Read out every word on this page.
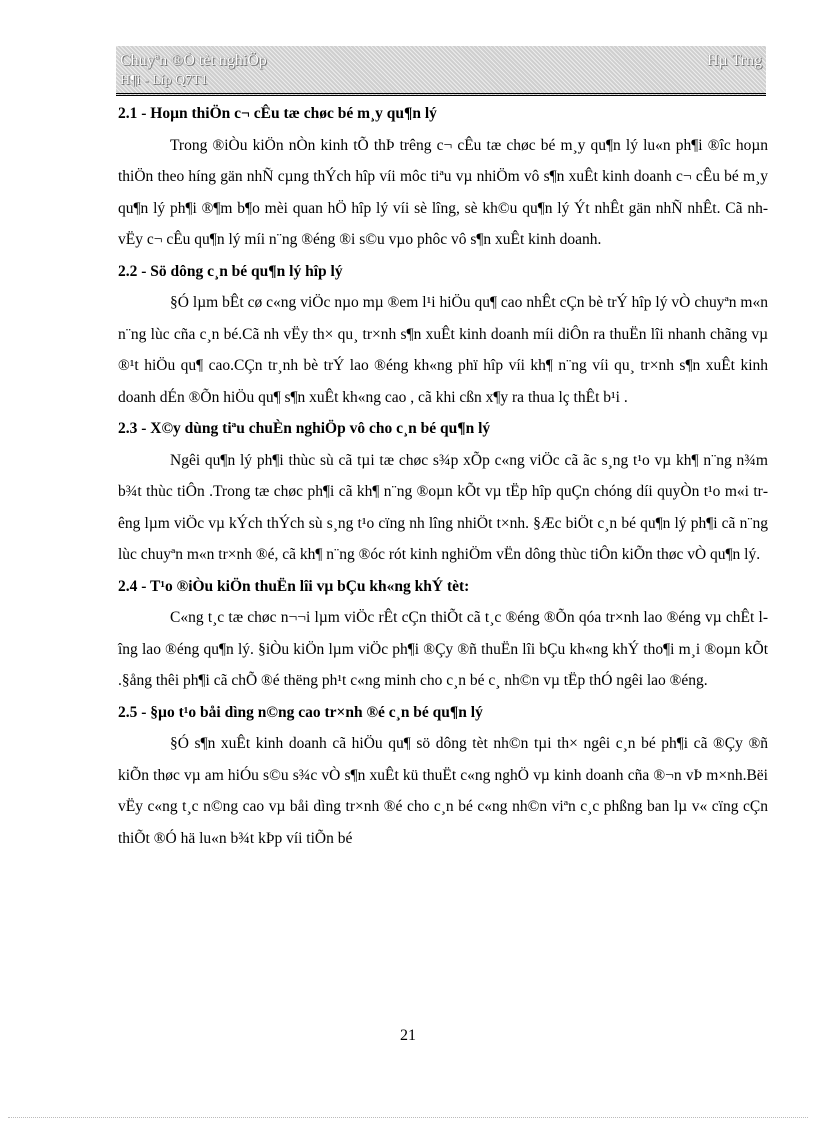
Chuyªn ®Ò tèt nghiÖp	Hµ Trng
H¶i - Líp Q7T1

2.1 - Hoµn thiÖn c¬ cÊu tæ chøc bé m¸y qu¶n lý

Trong ®iÒu kiÖn nÒn kinh tÕ thÞ trêng c¬ cÊu tæ chøc bé m¸y qu¶n lý lu«n ph¶i ®îc hoµn thiÖn theo híng gän nhÑ cµng thÝch hîp víi môc tiªu vµ nhiÖm vô s¶n xuÊt kinh doanh c¬ cÊu bé m¸y qu¶n lý ph¶i ®¶m b¶o mèi quan hÖ hîp lý víi sè lîng, sè kh©u qu¶n lý Ýt nhÊt gän nhÑ nhÊt. Cã nh vËy c¬ cÊu qu¶n lý míi n¨ng ®éng ®i s©u vµo phôc vô s¶n xuÊt kinh doanh.

2.2 - Sö dông c¸n bé qu¶n lý hîp lý

§Ó lµm bÊt cø c«ng viÖc nµo mµ ®em l¹i hiÖu qu¶ cao nhÊt cÇn bè trÝ hîp lý vÒ chuyªn m«n n¨ng lùc cña c¸n bé.Cã nh vËy th× qu¸ tr×nh s¶n xuÊt kinh doanh míi diÔn ra thuËn lîi nhanh chãng vµ ®¹t hiÖu qu¶ cao.CÇn tr¸nh bè trÝ lao ®éng kh«ng phï hîp víi kh¶ n¨ng víi qu¸ tr×nh s¶n xuÊt kinh doanh dÉn ®Õn hiÖu qu¶ s¶n xuÊt kh«ng cao , cã khi cßn x¶y ra thua lç thÊt b¹i .

2.3 - X©y dùng tiªu chuÈn nghiÖp vô cho c¸n bé qu¶n lý

Ngêi qu¶n lý ph¶i thùc sù cã tµi tæ chøc s¾p xÕp c«ng viÖc cã ãc s¸ng t¹o vµ kh¶ n¨ng n¾m b¾t thùc tiÔn .Trong tæ chøc ph¶i cã kh¶ n¨ng ®oµn kÕt vµ tËp hîp quÇn chóng díi quyÒn t¹o m«i trêng lµm viÖc vµ kÝch thÝch sù s¸ng t¹o cïng nh lîng nhiÖt t×nh. §Æc biÖt c¸n bé qu¶n lý ph¶i cã n¨ng lùc chuyªn m«n tr×nh ®é, cã kh¶ n¨ng ®óc rót kinh nghiÖm vËn dông thùc tiÔn kiÕn thøc vÒ qu¶n lý.

2.4 - T¹o ®iÒu kiÖn thuËn lîi vµ bÇu kh«ng khÝ tèt:

C«ng t¸c tæ chøc n¬¬i lµm viÖc rÊt cÇn thiÕt cã t¸c ®éng ®Õn qóa tr×nh lao ®éng vµ chÊt lîng lao ®éng qu¶n lý. §iÒu kiÖn lµm viÖc ph¶i ®Çy ®ñ thuËn lîi bÇu kh«ng khÝ tho¶i m¸i ®oµn kÕt .§ång thêi ph¶i cã chÕ ®é thëng ph¹t c«ng minh cho c¸n bé c¸ nh©n vµ tËp thÓ ngêi lao ®éng.

2.5 - §µo t¹o båi dìng n©ng cao tr×nh ®é c¸n bé qu¶n lý

§Ó s¶n xuÊt kinh doanh cã hiÖu qu¶ sö dông tèt nh©n tµi th× ngêi c¸n bé ph¶i cã ®Çy ®ñ kiÕn thøc vµ am hiÓu s©u s¾c vÒ s¶n xuÊt kü thuËt c«ng nghÖ vµ kinh doanh cña ®¬n vÞ m×nh.Bëi vËy c«ng t¸c n©ng cao vµ båi dìng tr×nh ®é cho c¸n bé c«ng nh©n viªn c¸c phßng ban lµ v« cïng cÇn thiÕt ®Ó hä lu«n b¾t kÞp víi tiÕn bé

21
